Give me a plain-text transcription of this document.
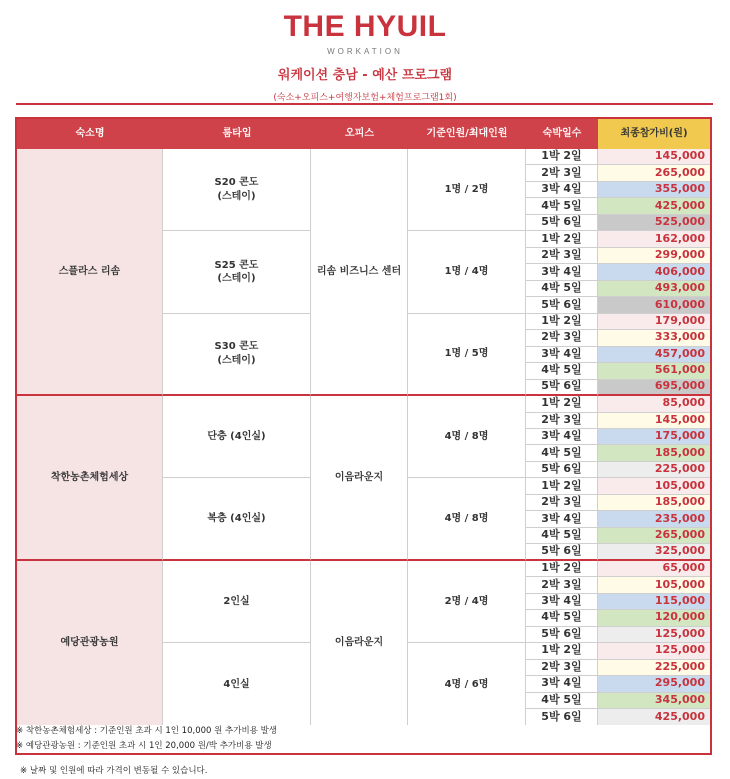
THE HYUIL
WORKATION
워케이션 충남 - 예산 프로그램
(숙소+오피스+여행자보험+체험프로그램1회)
숙소명	룸타입	오피스	기준인원/최대인원	숙박일수	최종참가비(원)
스플라스 리솜	리솜 비즈니스 센터
S20 콘도
(스테이)
1명 / 2명
1박 2일	145,000
2박 3일	265,000
3박 4일	355,000
4박 5일	425,000
5박 6일	525,000
S25 콘도
(스테이)
1명 / 4명
1박 2일	162,000
2박 3일	299,000
3박 4일	406,000
4박 5일	493,000
5박 6일	610,000
S30 콘도
(스테이)
1명 / 5명
1박 2일	179,000
2박 3일	333,000
3박 4일	457,000
4박 5일	561,000
5박 6일	695,000
착한농촌체험세상	이음라운지
단층 (4인실)	4명 / 8명
1박 2일	85,000
2박 3일	145,000
3박 4일	175,000
4박 5일	185,000
5박 6일	225,000
복층 (4인실)	4명 / 8명
1박 2일	105,000
2박 3일	185,000
3박 4일	235,000
4박 5일	265,000
5박 6일	325,000
예당관광농원	이음라운지
2인실	2명 / 4명
1박 2일	65,000
2박 3일	105,000
3박 4일	115,000
4박 5일	120,000
5박 6일	125,000
4인실	4명 / 6명
1박 2일	125,000
2박 3일	225,000
3박 4일	295,000
4박 5일	345,000
5박 6일	425,000
※ 착한농촌체험세상 : 기준인원 초과 시 1인 10,000 원 추가비용 발생
※ 예당관광농원 : 기준인원 초과 시 1인 20,000 원/박 추가비용 발생
※ 날짜 및 인원에 따라 가격이 변동될 수 있습니다.
